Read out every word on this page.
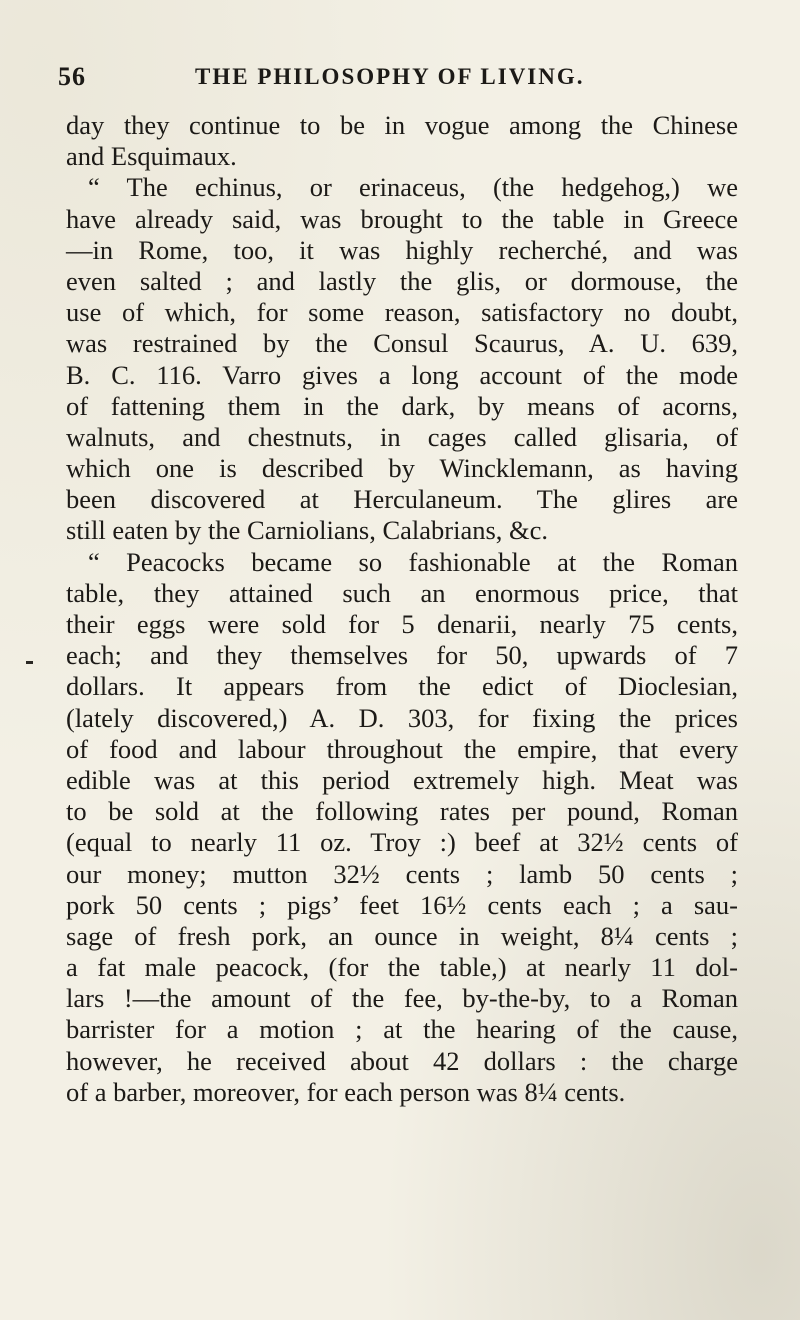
56	THE PHILOSOPHY OF LIVING.
day they continue to be in vogue among the Chinese
and Esquimaux.
“ The echinus, or erinaceus, (the hedgehog,) we
have already said, was brought to the table in Greece
—in Rome, too, it was highly recherché, and was
even salted ; and lastly the glis, or dormouse, the
use of which, for some reason, satisfactory no doubt,
was restrained by the Consul Scaurus, A. U. 639,
B. C. 116. Varro gives a long account of the mode
of fattening them in the dark, by means of acorns,
walnuts, and chestnuts, in cages called glisaria, of
which one is described by Wincklemann, as having
been discovered at Herculaneum. The glires are
still eaten by the Carniolians, Calabrians, &c.
“ Peacocks became so fashionable at the Roman
table, they attained such an enormous price, that
their eggs were sold for 5 denarii, nearly 75 cents,
each; and they themselves for 50, upwards of 7
dollars. It appears from the edict of Dioclesian,
(lately discovered,) A. D. 303, for fixing the prices
of food and labour throughout the empire, that every
edible was at this period extremely high. Meat was
to be sold at the following rates per pound, Roman
(equal to nearly 11 oz. Troy :) beef at 32½ cents of
our money; mutton 32½ cents ; lamb 50 cents ;
pork 50 cents ; pigs’ feet 16½ cents each ; a sau-
sage of fresh pork, an ounce in weight, 8¼ cents ;
a fat male peacock, (for the table,) at nearly 11 dol-
lars !—the amount of the fee, by-the-by, to a Roman
barrister for a motion ; at the hearing of the cause,
however, he received about 42 dollars : the charge
of a barber, moreover, for each person was 8¼ cents.
